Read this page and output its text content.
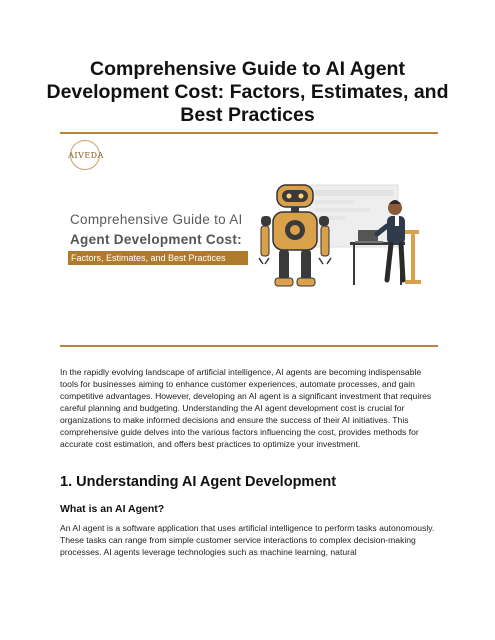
Comprehensive Guide to AI Agent Development Cost: Factors, Estimates, and Best Practices
AIVEDA
Comprehensive Guide to AI
Agent Development Cost:
Factors, Estimates, and Best Practices
In the rapidly evolving landscape of artificial intelligence, AI agents are becoming indispensable tools for businesses aiming to enhance customer experiences, automate processes, and gain competitive advantages. However, developing an AI agent is a significant investment that requires careful planning and budgeting. Understanding the AI agent development cost is crucial for organizations to make informed decisions and ensure the success of their AI initiatives. This comprehensive guide delves into the various factors influencing the cost, provides methods for accurate cost estimation, and offers best practices to optimize your investment.
1. Understanding AI Agent Development
What is an AI Agent?
An AI agent is a software application that uses artificial intelligence to perform tasks autonomously. These tasks can range from simple customer service interactions to complex decision-making processes. AI agents leverage technologies such as machine learning, natural
